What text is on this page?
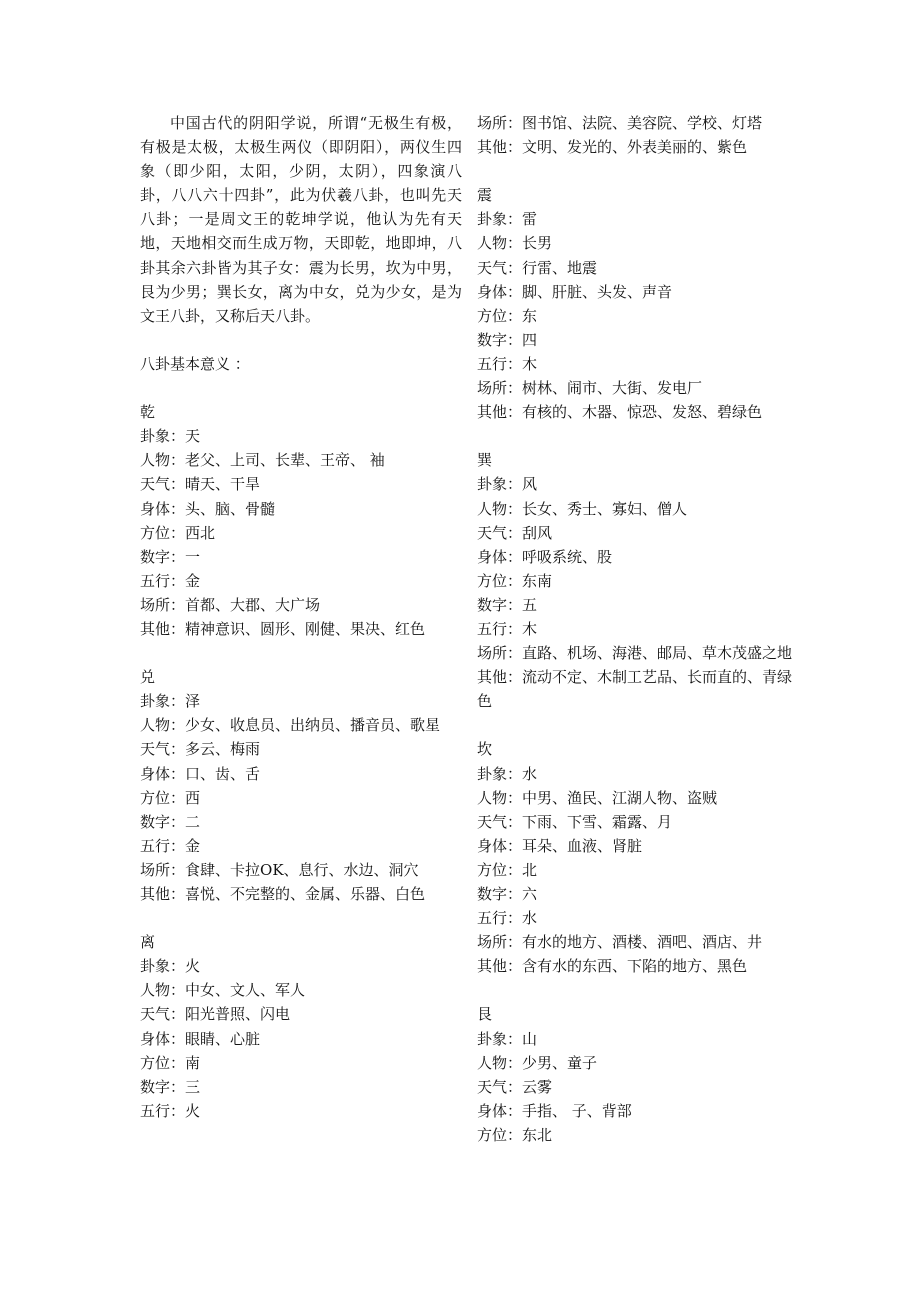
中国古代的阴阳学说，所谓“无极生有极，有极是太极，太极生两仪（即阴阳），两仪生四象（即少阳，太阳，少阴，太阴），四象演八卦，八八六十四卦”，此为伏羲八卦，也叫先天八卦；一是周文王的乾坤学说，他认为先有天地，天地相交而生成万物，天即乾，地即坤，八卦其余六卦皆为其子女：震为长男，坎为中男，艮为少男；巽长女，离为中女，兑为少女，是为文王八卦，又称后天八卦。
八卦基本意义 ：
乾
卦象：天
人物：老父、上司、长辈、王帝、 袖
天气：晴天、干旱
身体：头、脑、骨髓
方位：西北
数字：一
五行：金
场所：首都、大郡、大广场
其他：精神意识、圆形、刚健、果决、红色
兑
卦象：泽
人物：少女、收息员、出纳员、播音员、歌星
天气：多云、梅雨
身体：口、齿、舌
方位：西
数字：二
五行：金
场所：食肆、卡拉OK、息行、水边、洞穴
其他：喜悦、不完整的、金属、乐器、白色
离
卦象：火
人物：中女、文人、军人
天气：阳光普照、闪电
身体：眼睛、心脏
方位：南
数字：三
五行：火
场所：图书馆、法院、美容院、学校、灯塔
其他：文明、发光的、外表美丽的、紫色
震
卦象：雷
人物：长男
天气：行雷、地震
身体：脚、肝脏、头发、声音
方位：东
数字：四
五行：木
场所：树林、闹市、大街、发电厂
其他：有核的、木器、惊恐、发怒、碧绿色
巽
卦象：风
人物：长女、秀士、寡妇、僧人
天气：刮风
身体：呼吸系统、股
方位：东南
数字：五
五行：木
场所：直路、机场、海港、邮局、草木茂盛之地
其他：流动不定、木制工艺品、长而直的、青绿色
坎
卦象：水
人物：中男、渔民、江湖人物、盗贼
天气：下雨、下雪、霜露、月
身体：耳朵、血液、肾脏
方位：北
数字：六
五行：水
场所：有水的地方、酒楼、酒吧、酒店、井
其他：含有水的东西、下陷的地方、黑色
艮
卦象：山
人物：少男、童子
天气：云雾
身体：手指、 子、背部
方位：东北
